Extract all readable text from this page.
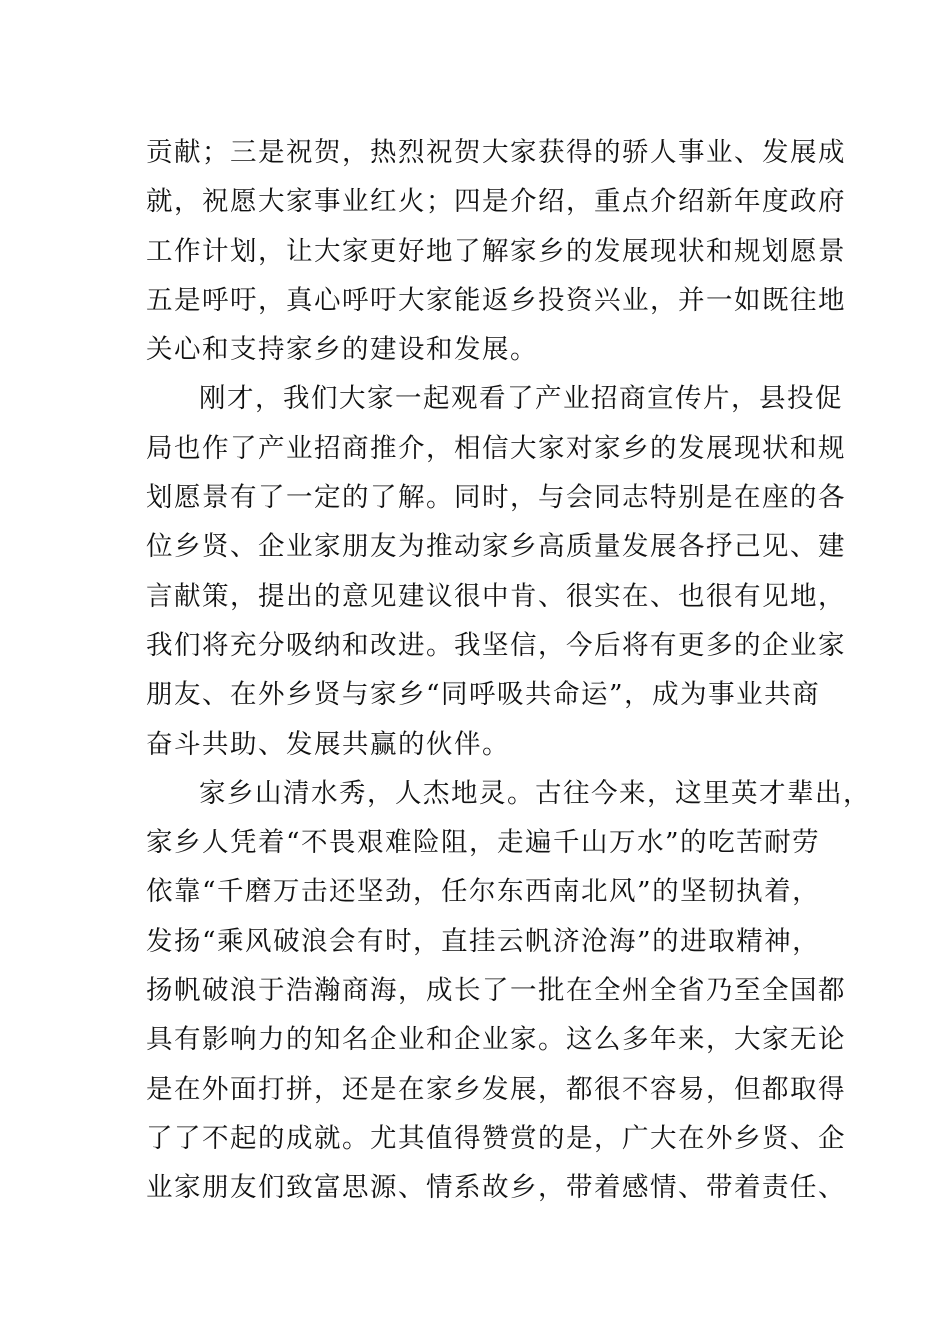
贡献；三是祝贺，热烈祝贺大家获得的骄人事业、发展成
就，祝愿大家事业红火；四是介绍，重点介绍新年度政府
工作计划，让大家更好地了解家乡的发展现状和规划愿景
五是呼吁，真心呼吁大家能返乡投资兴业，并一如既往地
关心和支持家乡的建设和发展。
刚才，我们大家一起观看了产业招商宣传片，县投促
局也作了产业招商推介，相信大家对家乡的发展现状和规
划愿景有了一定的了解。同时，与会同志特别是在座的各
位乡贤、企业家朋友为推动家乡高质量发展各抒己见、建
言献策，提出的意见建议很中肯、很实在、也很有见地，
我们将充分吸纳和改进。我坚信，今后将有更多的企业家
朋友、在外乡贤与家乡“同呼吸共命运”，成为事业共商
奋斗共助、发展共赢的伙伴。
家乡山清水秀，人杰地灵。古往今来，这里英才辈出，
家乡人凭着“不畏艰难险阻，走遍千山万水”的吃苦耐劳
依靠“千磨万击还坚劲，任尔东西南北风”的坚韧执着，
发扬“乘风破浪会有时，直挂云帆济沧海”的进取精神，
扬帆破浪于浩瀚商海，成长了一批在全州全省乃至全国都
具有影响力的知名企业和企业家。这么多年来，大家无论
是在外面打拼，还是在家乡发展，都很不容易，但都取得
了了不起的成就。尤其值得赞赏的是，广大在外乡贤、企
业家朋友们致富思源、情系故乡，带着感情、带着责任、
